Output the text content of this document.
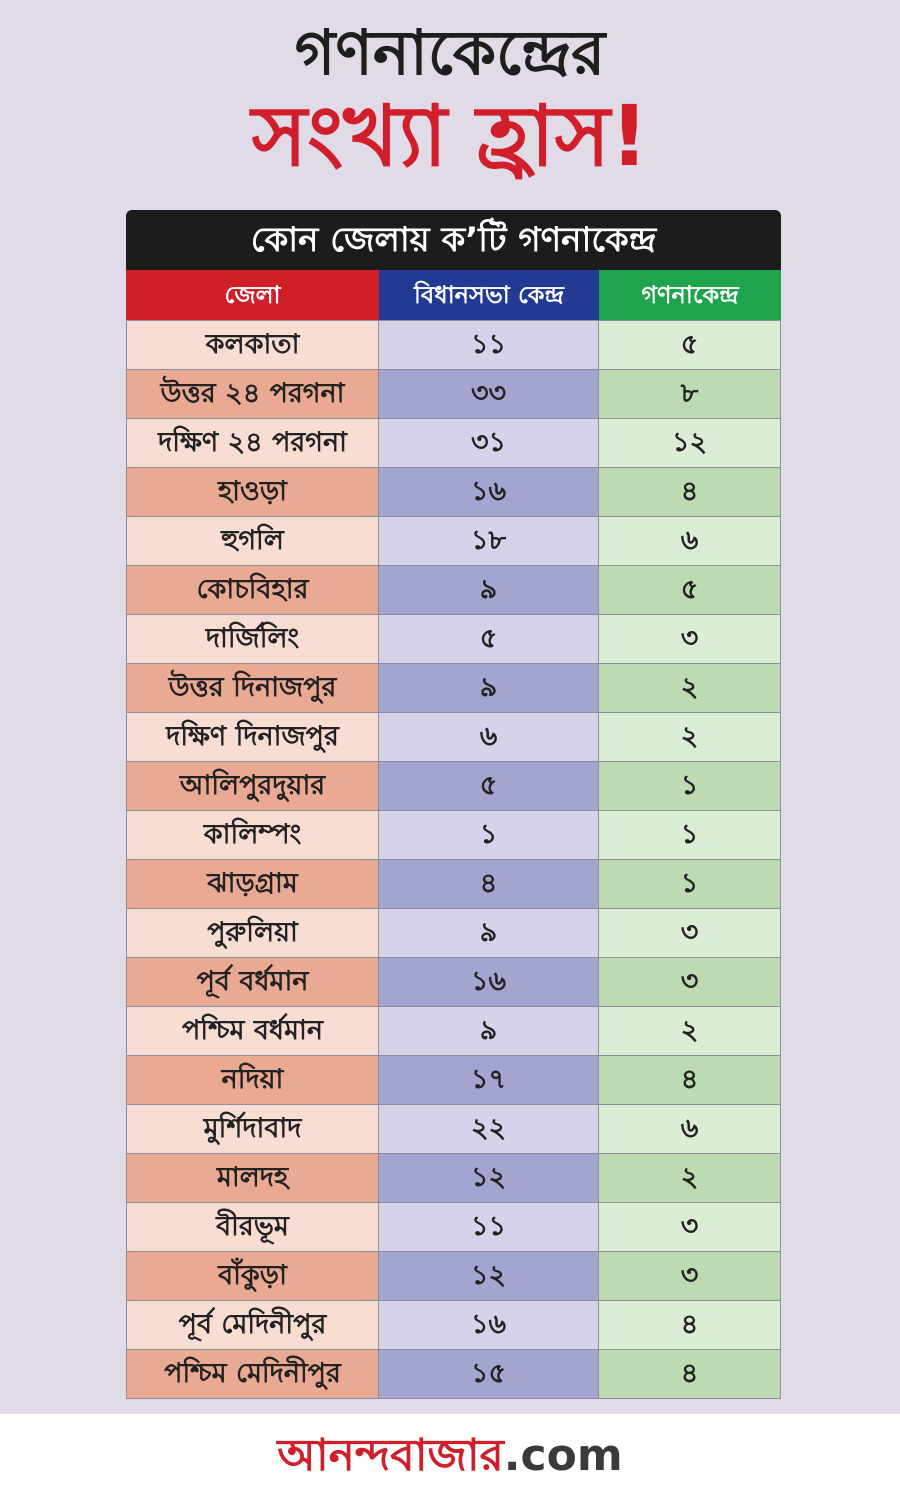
গণনাকেন্দ্রের
সংখ্যা হ্রাস!
কোন জেলায় ক’টি গণনাকেন্দ্র
জেলা	বিধানসভা কেন্দ্র	গণনাকেন্দ্র
কলকাতা	১১	৫
উত্তর ২৪ পরগনা	৩৩	৮
দক্ষিণ ২৪ পরগনা	৩১	১২
হাওড়া	১৬	৪
হুগলি	১৮	৬
কোচবিহার	৯	৫
দার্জিলিং	৫	৩
উত্তর দিনাজপুর	৯	২
দক্ষিণ দিনাজপুর	৬	২
আলিপুরদুয়ার	৫	১
কালিম্পং	১	১
ঝাড়গ্রাম	৪	১
পুরুলিয়া	৯	৩
পূর্ব বর্ধমান	১৬	৩
পশ্চিম বর্ধমান	৯	২
নদিয়া	১৭	৪
মুর্শিদাবাদ	২২	৬
মালদহ	১২	২
বীরভূম	১১	৩
বাঁকুড়া	১২	৩
পূর্ব মেদিনীপুর	১৬	৪
পশ্চিম মেদিনীপুর	১৫	৪
আনন্দবাজার.com
